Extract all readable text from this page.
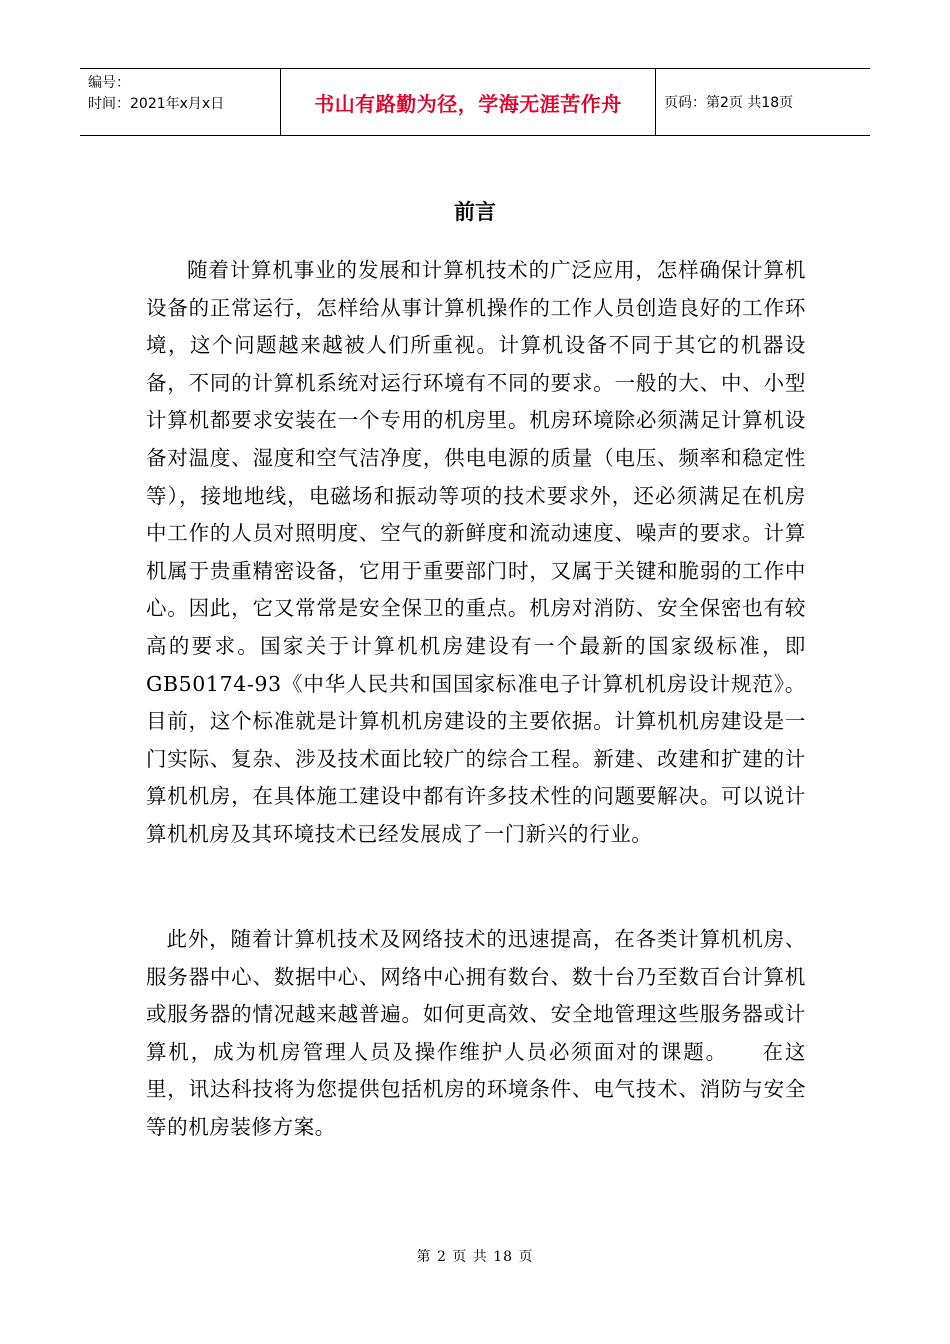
编号：
时间：2021年x月x日	书山有路勤为径，学海无涯苦作舟	页码：第2页 共18页
前言
随着计算机事业的发展和计算机技术的广泛应用，怎样确保计算机设备的正常运行，怎样给从事计算机操作的工作人员创造良好的工作环境，这个问题越来越被人们所重视。计算机设备不同于其它的机器设备，不同的计算机系统对运行环境有不同的要求。一般的大、中、小型计算机都要求安装在一个专用的机房里。机房环境除必须满足计算机设备对温度、湿度和空气洁净度，供电电源的质量（电压、频率和稳定性等），接地地线，电磁场和振动等项的技术要求外，还必须满足在机房中工作的人员对照明度、空气的新鲜度和流动速度、噪声的要求。计算机属于贵重精密设备，它用于重要部门时，又属于关键和脆弱的工作中心。因此，它又常常是安全保卫的重点。机房对消防、安全保密也有较高的要求。国家关于计算机机房建设有一个最新的国家级标准，即GB50174-93《中华人民共和国国家标准电子计算机机房设计规范》。目前，这个标准就是计算机机房建设的主要依据。计算机机房建设是一门实际、复杂、涉及技术面比较广的综合工程。新建、改建和扩建的计算机机房，在具体施工建设中都有许多技术性的问题要解决。可以说计算机机房及其环境技术已经发展成了一门新兴的行业。
此外，随着计算机技术及网络技术的迅速提高，在各类计算机机房、服务器中心、数据中心、网络中心拥有数台、数十台乃至数百台计算机或服务器的情况越来越普遍。如何更高效、安全地管理这些服务器或计算机，成为机房管理人员及操作维护人员必须面对的课题。　　在这里，讯达科技将为您提供包括机房的环境条件、电气技术、消防与安全等的机房装修方案。
第 2 页 共 18 页
